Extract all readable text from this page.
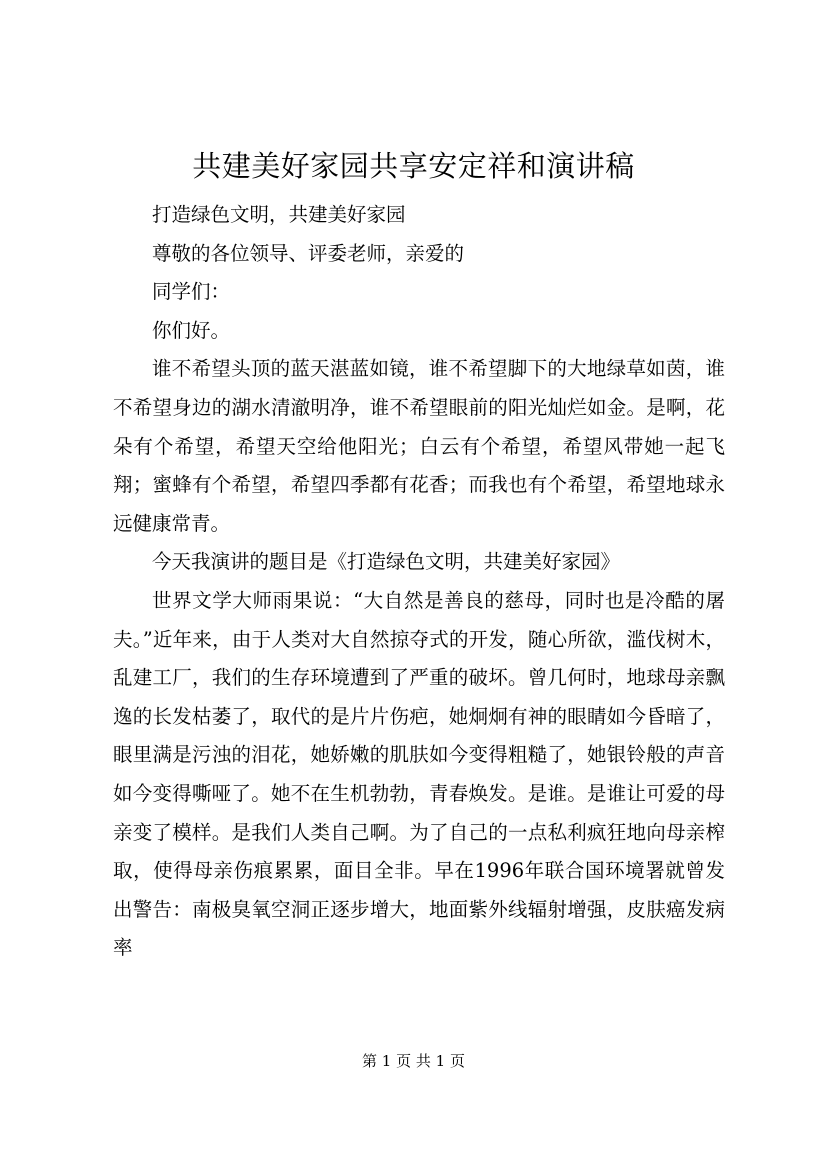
共建美好家园共享安定祥和演讲稿

打造绿色文明，共建美好家园

尊敬的各位领导、评委老师，亲爱的

同学们：

你们好。

谁不希望头顶的蓝天湛蓝如镜，谁不希望脚下的大地绿草如茵，谁不希望身边的湖水清澈明净，谁不希望眼前的阳光灿烂如金。是啊，花朵有个希望，希望天空给他阳光；白云有个希望，希望风带她一起飞翔；蜜蜂有个希望，希望四季都有花香；而我也有个希望，希望地球永远健康常青。

今天我演讲的题目是《打造绿色文明，共建美好家园》

世界文学大师雨果说：“大自然是善良的慈母，同时也是冷酷的屠夫。”近年来，由于人类对大自然掠夺式的开发，随心所欲，滥伐树木，乱建工厂，我们的生存环境遭到了严重的破坏。曾几何时，地球母亲飘逸的长发枯萎了，取代的是片片伤疤，她炯炯有神的眼睛如今昏暗了，眼里满是污浊的泪花，她娇嫩的肌肤如今变得粗糙了，她银铃般的声音如今变得嘶哑了。她不在生机勃勃，青春焕发。是谁。是谁让可爱的母亲变了模样。是我们人类自己啊。为了自己的一点私利疯狂地向母亲榨取，使得母亲伤痕累累，面目全非。早在1996年联合国环境署就曾发出警告：南极臭氧空洞正逐步增大，地面紫外线辐射增强，皮肤癌发病率

第 1 页 共 1 页
